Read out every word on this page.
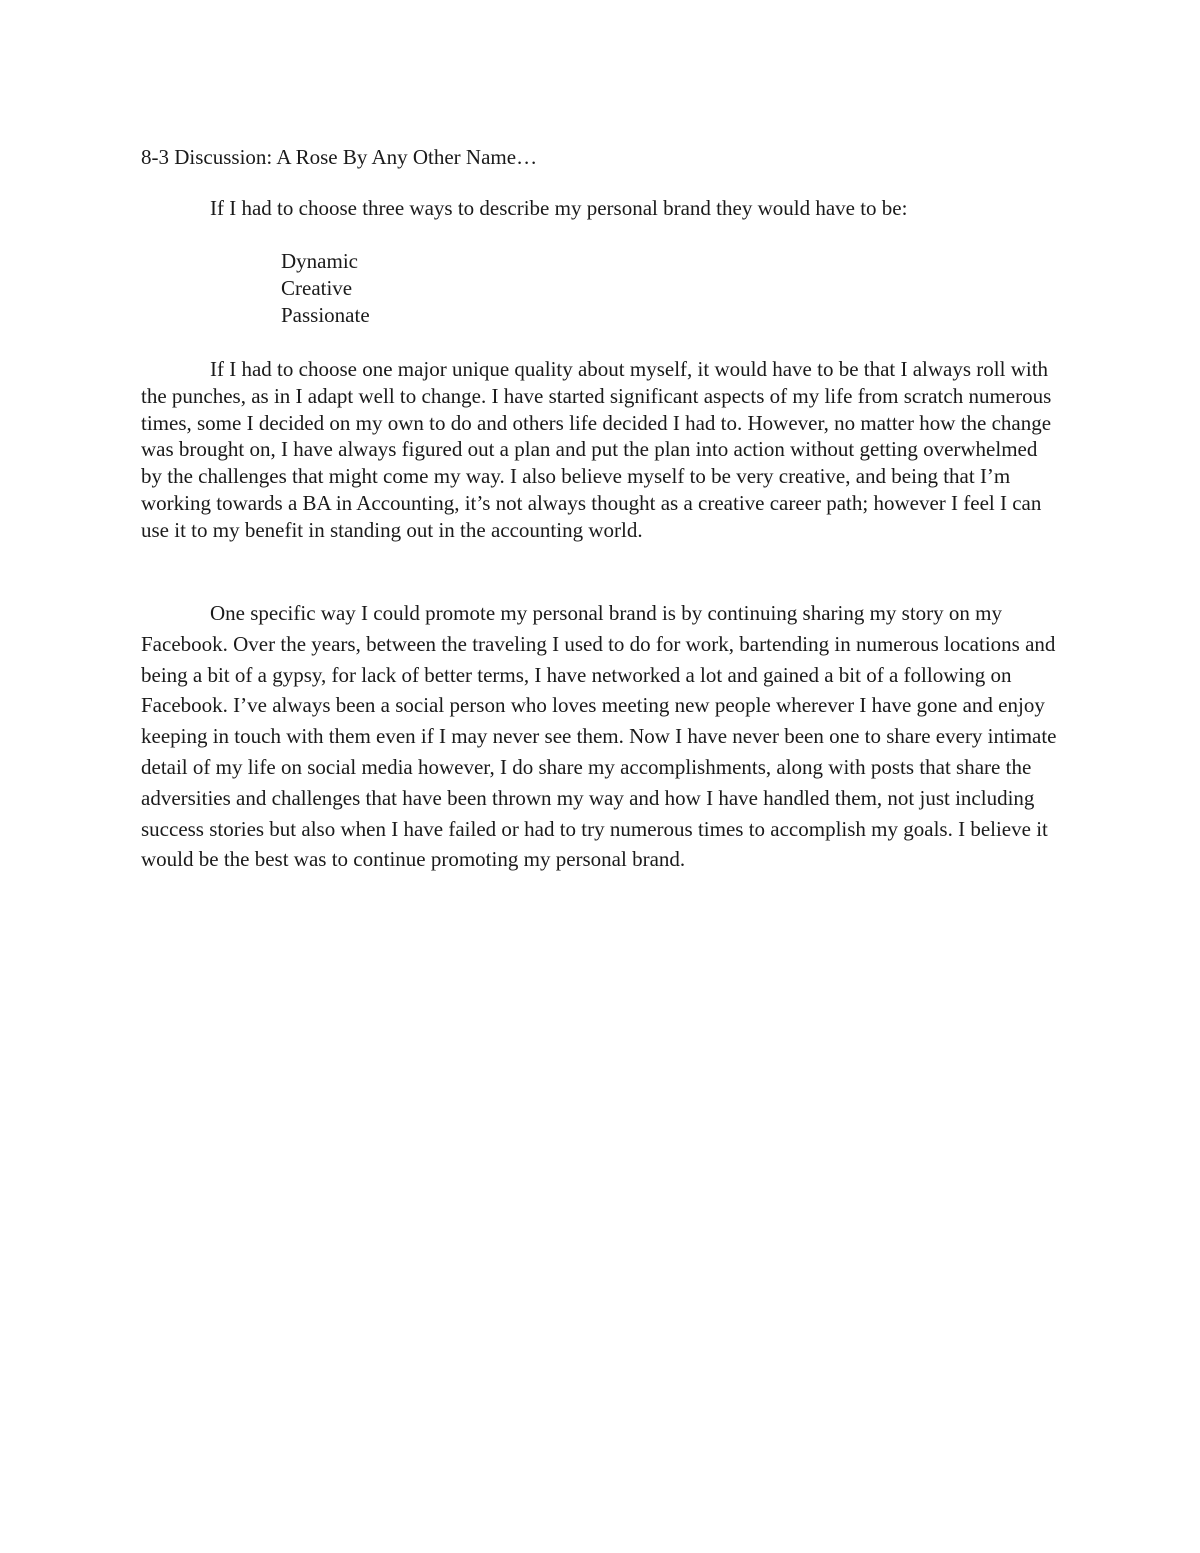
8-3 Discussion: A Rose By Any Other Name…
If I had to choose three ways to describe my personal brand they would have to be:
Dynamic
Creative
Passionate

If I had to choose one major unique quality about myself, it would have to be that I always roll with the punches, as in I adapt well to change. I have started significant aspects of my life from scratch numerous times, some I decided on my own to do and others life decided I had to. However, no matter how the change was brought on, I have always figured out a plan and put the plan into action without getting overwhelmed by the challenges that might come my way. I also believe myself to be very creative, and being that I’m working towards a BA in Accounting, it’s not always thought as a creative career path; however I feel I can use it to my benefit in standing out in the accounting world.

One specific way I could promote my personal brand is by continuing sharing my story on my Facebook. Over the years, between the traveling I used to do for work, bartending in numerous locations and being a bit of a gypsy, for lack of better terms, I have networked a lot and gained a bit of a following on Facebook. I’ve always been a social person who loves meeting new people wherever I have gone and enjoy keeping in touch with them even if I may never see them. Now I have never been one to share every intimate detail of my life on social media however, I do share my accomplishments, along with posts that share the adversities and challenges that have been thrown my way and how I have handled them, not just including success stories but also when I have failed or had to try numerous times to accomplish my goals. I believe it would be the best was to continue promoting my personal brand.
